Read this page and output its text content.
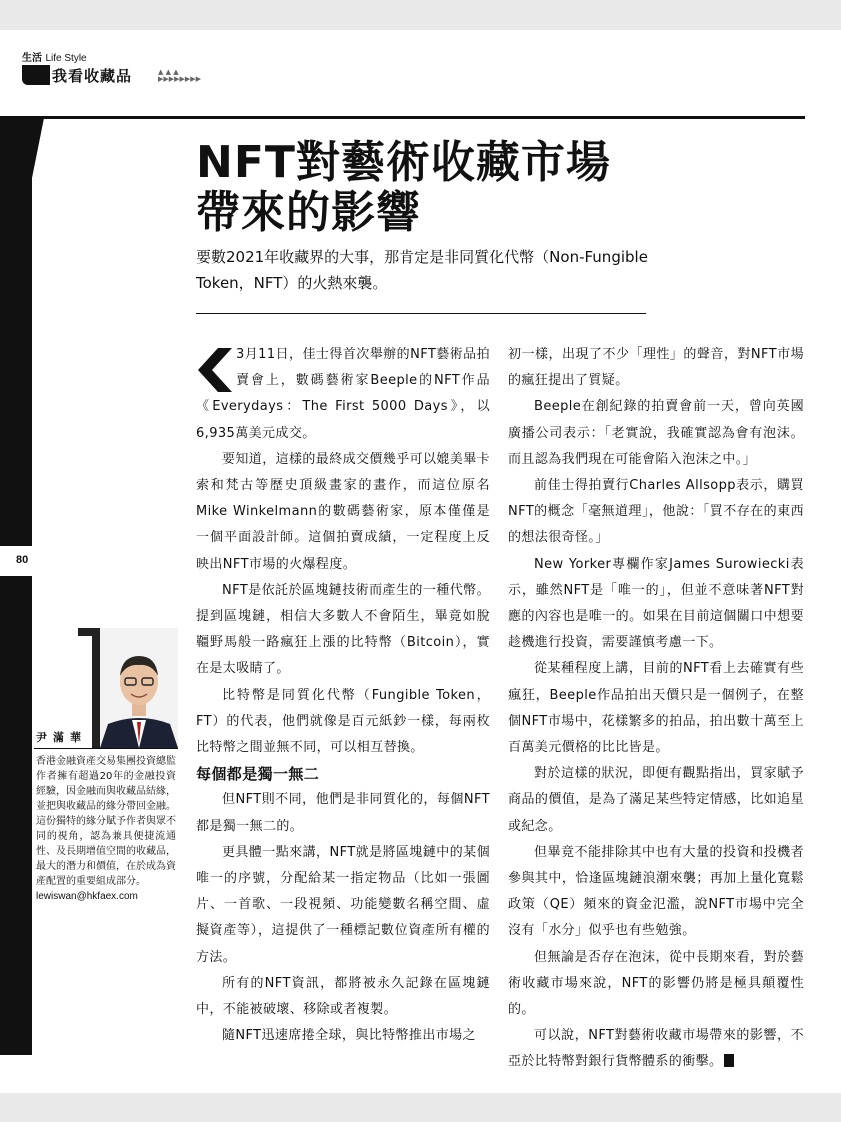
生活 Life Style
我看收藏品	▲ ▲ ▲
▶▶▶▶▶▶▶▶
80
NFT對藝術收藏市場
帶來的影響
要數2021年收藏界的大事，那肯定是非同質化代幣（Non-Fungible Token，NFT）的火熱來襲。

3月11日，佳士得首次舉辦的NFT藝術品拍賣會上，數碼藝術家Beeple的NFT作品《Everydays：The First 5000 Days》，以6,935萬美元成交。

要知道，這樣的最終成交價幾乎可以媲美畢卡索和梵古等歷史頂級畫家的畫作，而這位原名Mike Winkelmann的數碼藝術家，原本僅僅是一個平面設計師。這個拍賣成績，一定程度上反映出NFT市場的火爆程度。

NFT是依託於區塊鏈技術而產生的一種代幣。提到區塊鏈，相信大多數人不會陌生，畢竟如脫韁野馬般一路瘋狂上漲的比特幣（Bitcoin），實在是太吸睛了。

比特幣是同質化代幣（Fungible Token，FT）的代表，他們就像是百元紙鈔一樣，每兩枚比特幣之間並無不同，可以相互替換。

每個都是獨一無二

但NFT則不同，他們是非同質化的，每個NFT都是獨一無二的。

更具體一點來講，NFT就是將區塊鏈中的某個唯一的序號，分配給某一指定物品（比如一張圖片、一首歌、一段視頻、功能變數名稱空間、虛擬資產等），這提供了一種標記數位資產所有權的方法。

所有的NFT資訊，都將被永久記錄在區塊鏈中，不能被破壞、移除或者複製。

隨NFT迅速席捲全球，與比特幣推出市場之

初一樣，出現了不少「理性」的聲音，對NFT市場的瘋狂提出了質疑。

Beeple在創紀錄的拍賣會前一天，曾向英國廣播公司表示：「老實說，我確實認為會有泡沫。而且認為我們現在可能會陷入泡沫之中。」

前佳士得拍賣行Charles Allsopp表示，購買NFT的概念「毫無道理」，他說：「買不存在的東西的想法很奇怪。」

New Yorker專欄作家James Surowiecki表示，雖然NFT是「唯一的」，但並不意味著NFT對應的內容也是唯一的。如果在目前這個關口中想要趁機進行投資，需要謹慎考慮一下。

從某種程度上講，目前的NFT看上去確實有些瘋狂，Beeple作品拍出天價只是一個例子，在整個NFT市場中，花樣繁多的拍品，拍出數十萬至上百萬美元價格的比比皆是。

對於這樣的狀況，即便有觀點指出，買家賦予商品的價值，是為了滿足某些特定情感，比如追星或紀念。

但畢竟不能排除其中也有大量的投資和投機者參與其中，恰逢區塊鏈浪潮來襲；再加上量化寬鬆政策（QE）頻來的資金氾濫，說NFT市場中完全沒有「水分」似乎也有些勉強。

但無論是否存在泡沫，從中長期來看，對於藝術收藏市場來說，NFT的影響仍將是極具顛覆性的。

可以說，NFT對藝術收藏市場帶來的影響，不亞於比特幣對銀行貨幣體系的衝擊。

尹滿華
香港金融資產交易集團投資總監
作者擁有超過20年的金融投資經驗，因金融而與收藏品結緣，並把與收藏品的緣分帶回金融。這份獨特的緣分賦予作者與眾不同的視角，認為兼具便捷流通性、及長期增值空間的收藏品，最大的潛力和價值，在於成為資產配置的重要組成部分。
lewiswan@hkfaex.com
